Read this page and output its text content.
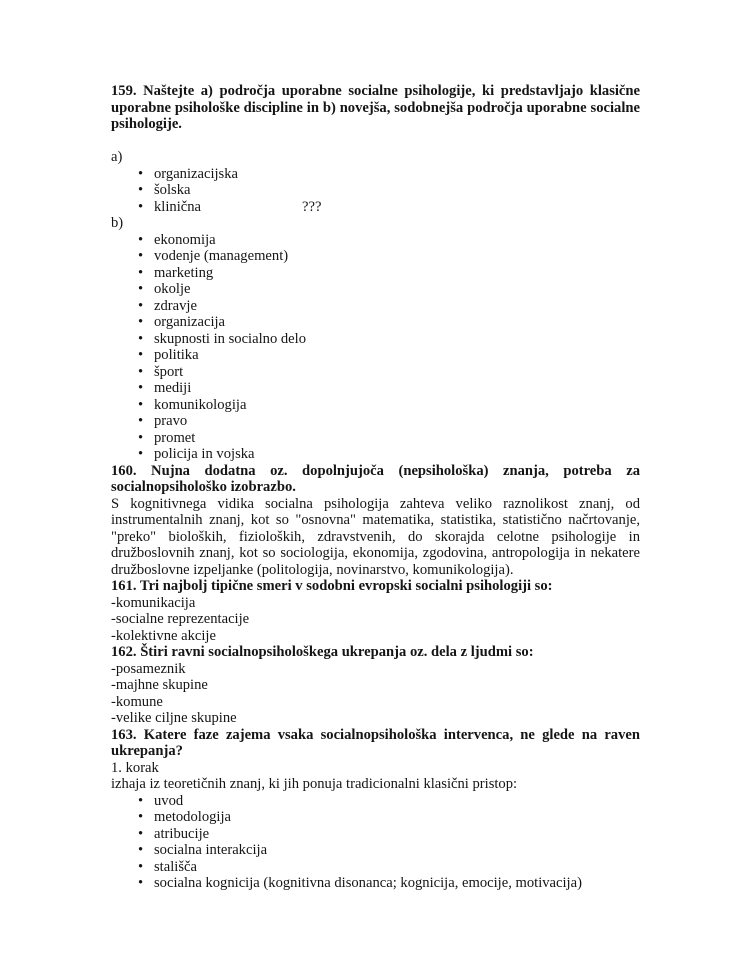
159. Naštejte a) področja uporabne socialne psihologije, ki predstavljajo klasične uporabne psihološke discipline in b) novejša, sodobnejša področja uporabne socialne psihologije.

a)

• organizacijska
• šolska
• klinična	???

b)

• ekonomija
• vodenje (management)
• marketing
• okolje
• zdravje
• organizacija
• skupnosti in socialno delo
• politika
• šport
• mediji
• komunikologija
• pravo
• promet
• policija in vojska

160. Nujna dodatna oz. dopolnjujoča (nepsihološka) znanja, potreba za socialnopsihološko izobrazbo.

S kognitivnega vidika socialna psihologija zahteva veliko raznolikost znanj, od instrumentalnih znanj, kot so "osnovna" matematika, statistika, statistično načrtovanje, "preko" bioloških, fizioloških, zdravstvenih, do skorajda celotne psihologije in družboslovnih znanj, kot so sociologija, ekonomija, zgodovina, antropologija in nekatere družboslovne izpeljanke (politologija, novinarstvo, komunikologija).

161. Tri najbolj tipične smeri v sodobni evropski socialni psihologiji so:

-komunikacija

-socialne reprezentacije

-kolektivne akcije

162. Štiri ravni socialnopsihološkega ukrepanja oz. dela z ljudmi so:

-posameznik

-majhne skupine

-komune

-velike ciljne skupine

163. Katere faze zajema vsaka socialnopsihološka intervenca, ne glede na raven ukrepanja?

1. korak

izhaja iz teoretičnih znanj, ki jih ponuja tradicionalni klasični pristop:

• uvod
• metodologija
• atribucije
• socialna interakcija
• stališča
• socialna kognicija (kognitivna disonanca; kognicija, emocije, motivacija)
